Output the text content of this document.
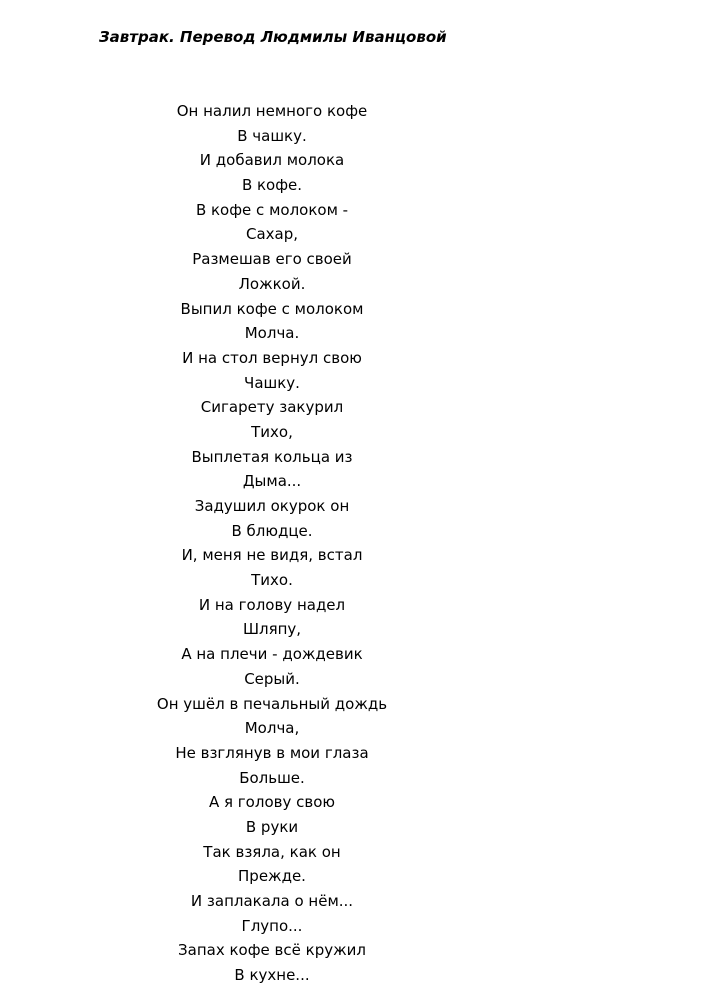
Завтрак. Перевод Людмилы Иванцовой
Он налил немного кофе
В чашку.
И добавил молока
В кофе.
В кофе с молоком -
Сахар,
Размешав его своей
Ложкой.
Выпил кофе с молоком
Молча.
И на стол вернул свою
Чашку.
Сигарету закурил
Тихо,
Выплетая кольца из
Дыма...
Задушил окурок он
В блюдце.
И, меня не видя, встал
Тихо.
И на голову надел
Шляпу,
А на плечи - дождевик
Серый.
Он ушёл в печальный дождь
Молча,
Не взглянув в мои глаза
Больше.
А я голову свою
В руки
Так взяла, как он
Прежде.
И заплакала о нём...
Глупо...
Запах кофе всё кружил
В кухне...
